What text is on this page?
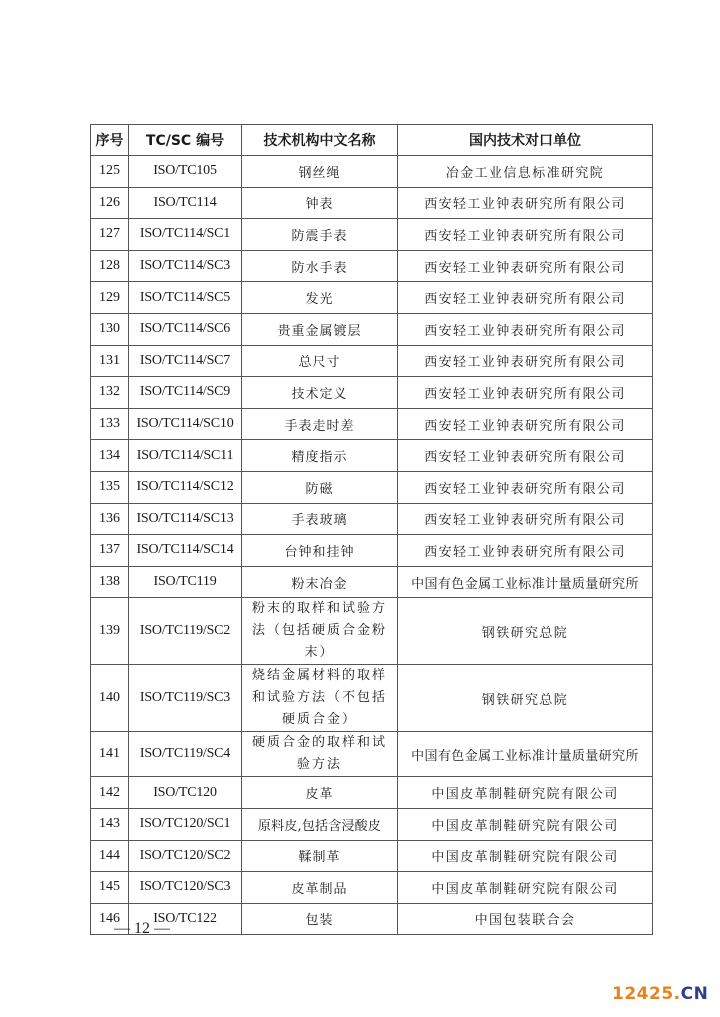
序号	TC/SC 编号	技术机构中文名称	国内技术对口单位
125	ISO/TC105	钢丝绳	冶金工业信息标准研究院
126	ISO/TC114	钟表	西安轻工业钟表研究所有限公司
127	ISO/TC114/SC1	防震手表	西安轻工业钟表研究所有限公司
128	ISO/TC114/SC3	防水手表	西安轻工业钟表研究所有限公司
129	ISO/TC114/SC5	发光	西安轻工业钟表研究所有限公司
130	ISO/TC114/SC6	贵重金属镀层	西安轻工业钟表研究所有限公司
131	ISO/TC114/SC7	总尺寸	西安轻工业钟表研究所有限公司
132	ISO/TC114/SC9	技术定义	西安轻工业钟表研究所有限公司
133	ISO/TC114/SC10	手表走时差	西安轻工业钟表研究所有限公司
134	ISO/TC114/SC11	精度指示	西安轻工业钟表研究所有限公司
135	ISO/TC114/SC12	防磁	西安轻工业钟表研究所有限公司
136	ISO/TC114/SC13	手表玻璃	西安轻工业钟表研究所有限公司
137	ISO/TC114/SC14	台钟和挂钟	西安轻工业钟表研究所有限公司
138	ISO/TC119	粉末冶金	中国有色金属工业标准计量质量研究所
139	ISO/TC119/SC2	粉末的取样和试验方法（包括硬质合金粉末）	钢铁研究总院
140	ISO/TC119/SC3	烧结金属材料的取样和试验方法（不包括硬质合金）	钢铁研究总院
141	ISO/TC119/SC4	硬质合金的取样和试验方法	中国有色金属工业标准计量质量研究所
142	ISO/TC120	皮革	中国皮革制鞋研究院有限公司
143	ISO/TC120/SC1	原料皮,包括含浸酸皮	中国皮革制鞋研究院有限公司
144	ISO/TC120/SC2	鞣制革	中国皮革制鞋研究院有限公司
145	ISO/TC120/SC3	皮革制品	中国皮革制鞋研究院有限公司
146	ISO/TC122	包装	中国包装联合会
— 12 —
12425.CN
